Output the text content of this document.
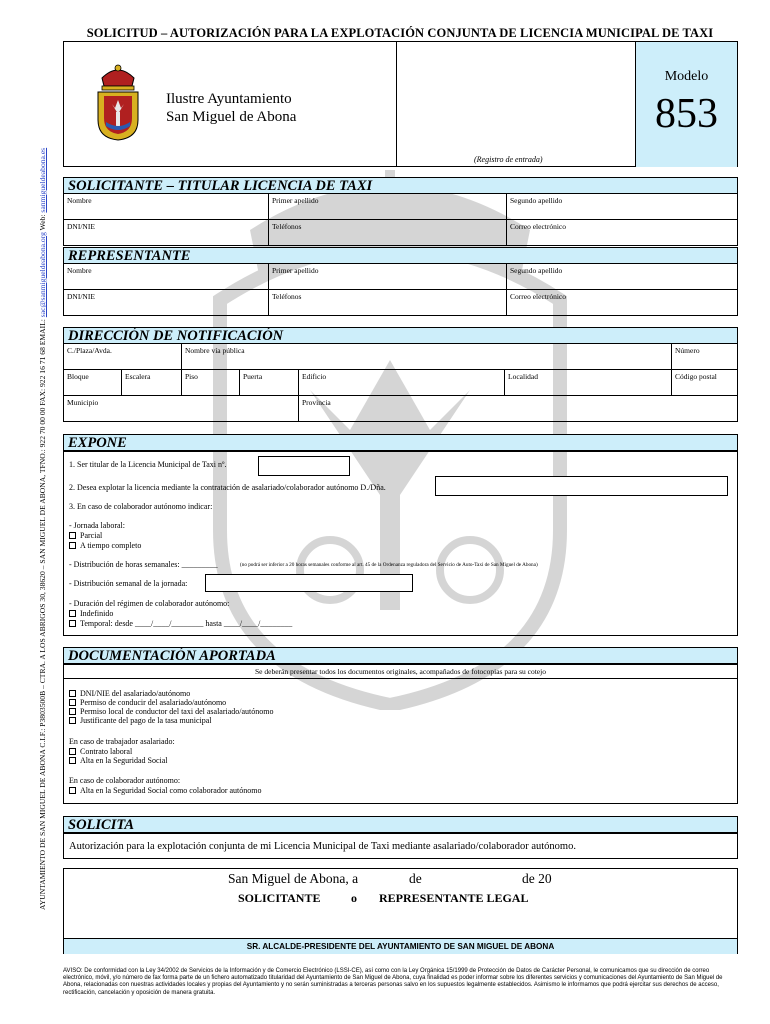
SOLICITUD – AUTORIZACIÓN PARA LA EXPLOTACIÓN CONJUNTA DE LICENCIA MUNICIPAL DE TAXI
AYUNTAMIENTO DE SAN MIGUEL DE ABONA C.I.F.: P3803500B – CTRA. A LOS ABRIGOS 30, 38620 – SAN MIGUEL DE ABONA, TFNO.: 922 70 00 00 FAX: 922 16 71 68 EMAIL: sac@sanmigueldeabona.org Web: sanmigueldeabona.es
Ilustre Ayuntamiento
San Miguel de Abona
(Registro de entrada)
Modelo
853
SOLICITANTE – TITULAR LICENCIA DE TAXI
Nombre	Primer apellido	Segundo apellido
DNI/NIE	Teléfonos	Correo electrónico
REPRESENTANTE
Nombre	Primer apellido	Segundo apellido
DNI/NIE	Teléfonos	Correo electrónico
DIRECCIÓN DE NOTIFICACIÓN
C./Plaza/Avda.	Nombre vía pública	Número
Bloque	Escalera	Piso	Puerta	Edificio	Localidad	Código postal
Municipio	Provincia
EXPONE
1. Ser titular de la Licencia Municipal de Taxi nº.
2. Desea explotar la licencia mediante la contratación de asalariado/colaborador autónomo D./Dña.
3. En caso de colaborador autónomo indicar:
- Jornada laboral:
Parcial
A tiempo completo
- Distribución de horas semanales: _________	(no podrá ser inferior a 20 horas semanales conforme al art. 45 de la Ordenanza reguladora del Servicio de Auto-Taxi de San Miguel de Abona)
- Distribución semanal de la jornada:
- Duración del régimen de colaborador autónomo:
Indefinido
Temporal: desde ____/____/________ hasta ____/____/________
DOCUMENTACIÓN APORTADA
Se deberán presentar todos los documentos originales, acompañados de fotocopias para su cotejo
DNI/NIE del asalariado/autónomo
Permiso de conducir del asalariado/autónomo
Permiso local de conductor del taxi del asalariado/autónomo
Justificante del pago de la tasa municipal
En caso de trabajador asalariado:
Contrato laboral
Alta en la Seguridad Social
En caso de colaborador autónomo:
Alta en la Seguridad Social como colaborador autónomo
SOLICITA
Autorización para la explotación conjunta de mi Licencia Municipal de Taxi mediante asalariado/colaborador autónomo.
San Miguel de Abona, a	de	de 20
SOLICITANTE	o REPRESENTANTE LEGAL
SR. ALCALDE-PRESIDENTE DEL AYUNTAMIENTO DE SAN MIGUEL DE ABONA
AVISO: De conformidad con la Ley 34/2002 de Servicios de la Información y de Comercio Electrónico (LSSI-CE), así como con la Ley Orgánica 15/1999 de Protección de Datos de Carácter Personal, le comunicamos que su dirección de correo electrónico, móvil, y/o número de fax forma parte de un fichero automatizado titularidad del Ayuntamiento de San Miguel de Abona, cuya finalidad es poder informar sobre los diferentes servicios y comunicaciones del Ayuntamiento de San Miguel de Abona, relacionadas con nuestras actividades locales y propias del Ayuntamiento y no serán suministradas a terceras personas salvo en los supuestos legalmente establecidos. Asimismo le informamos que podrá ejercitar sus derechos de acceso, rectificación, cancelación y oposición de manera gratuita.
